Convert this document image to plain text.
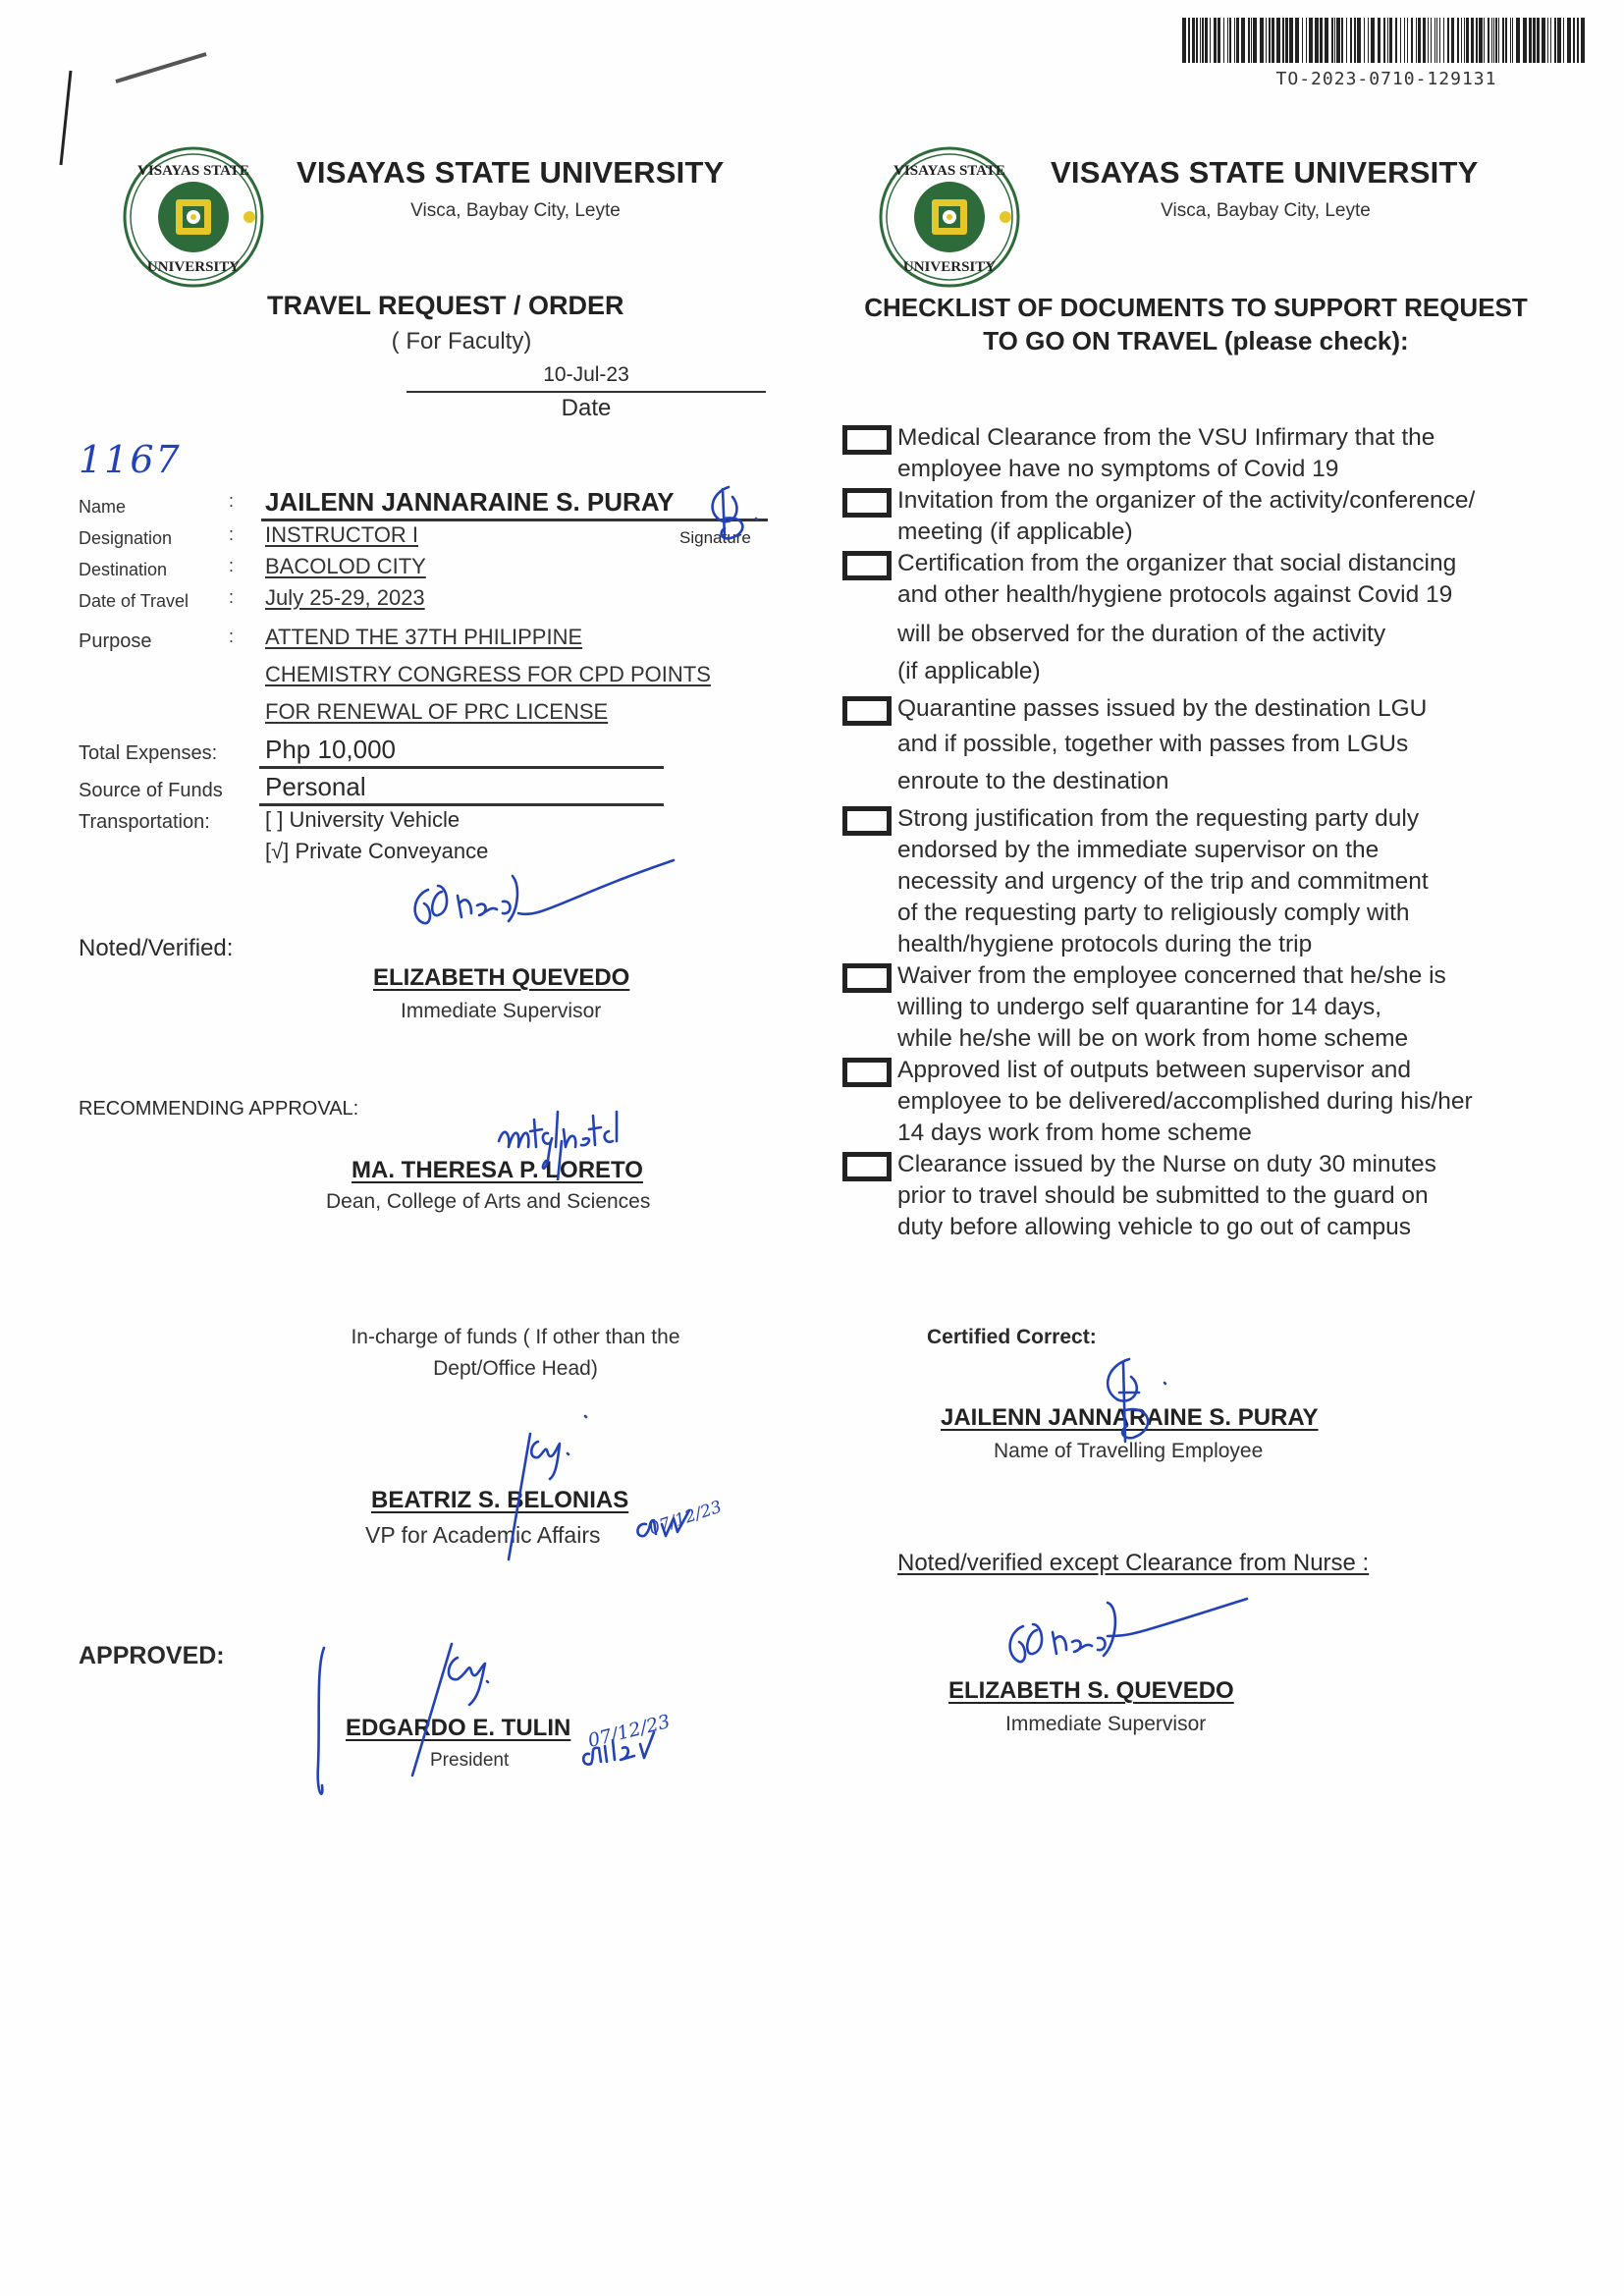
TO-2023-0710-129131
1167
VISAYAS STATE
UNIVERSITY
VISAYAS STATE UNIVERSITY
Visca, Baybay City, Leyte
TRAVEL REQUEST / ORDER
( For Faculty)
10-Jul-23
Date
Name	: JAILENN JANNARAINE S. PURAY
Signature
Designation	: INSTRUCTOR I
Destination	: BACOLOD CITY
Date of Travel : July 25-29, 2023
Purpose	: ATTEND THE 37TH PHILIPPINE
CHEMISTRY CONGRESS FOR CPD POINTS
FOR RENEWAL OF PRC LICENSE
Total Expenses: Php 10,000
Source of Funds Personal
Transportation:	[ ] University Vehicle
[√] Private Conveyance
Noted/Verified:
ELIZABETH QUEVEDO
Immediate Supervisor
RECOMMENDING APPROVAL:
MA. THERESA P. LORETO
Dean, College of Arts and Sciences
In-charge of funds ( If other than the
Dept/Office Head)
BEATRIZ S. BELONIAS
VP for Academic Affairs
APPROVED:
EDGARDO E. TULIN
President
VISAYAS STATE
UNIVERSITY
VISAYAS STATE UNIVERSITY
Visca, Baybay City, Leyte
CHECKLIST OF DOCUMENTS TO SUPPORT REQUEST
TO GO ON TRAVEL (please check):
Medical Clearance from the VSU Infirmary that the
employee have no symptoms of Covid 19
Invitation from the organizer of the activity/conference/
meeting (if applicable)
Certification from the organizer that social distancing
and other health/hygiene protocols against Covid 19
will be observed for the duration of the activity
(if applicable)
Quarantine passes issued by the destination LGU
and if possible, together with passes from LGUs
enroute to the destination
Strong justification from the requesting party duly
endorsed by the immediate supervisor on the
necessity and urgency of the trip and commitment
of the requesting party to religiously comply with
health/hygiene protocols during the trip
Waiver from the employee concerned that he/she is
willing to undergo self quarantine for 14 days,
while he/she will be on work from home scheme
Approved list of outputs between supervisor and
employee to be delivered/accomplished during his/her
14 days work from home scheme
Clearance issued by the Nurse on duty 30 minutes
prior to travel should be submitted to the guard on
duty before allowing vehicle to go out of campus
Certified Correct:
JAILENN JANNARAINE S. PURAY
Name of Travelling Employee
Noted/verified except Clearance from Nurse :
ELIZABETH S. QUEVEDO
Immediate Supervisor
07/12/23
07/12/23
